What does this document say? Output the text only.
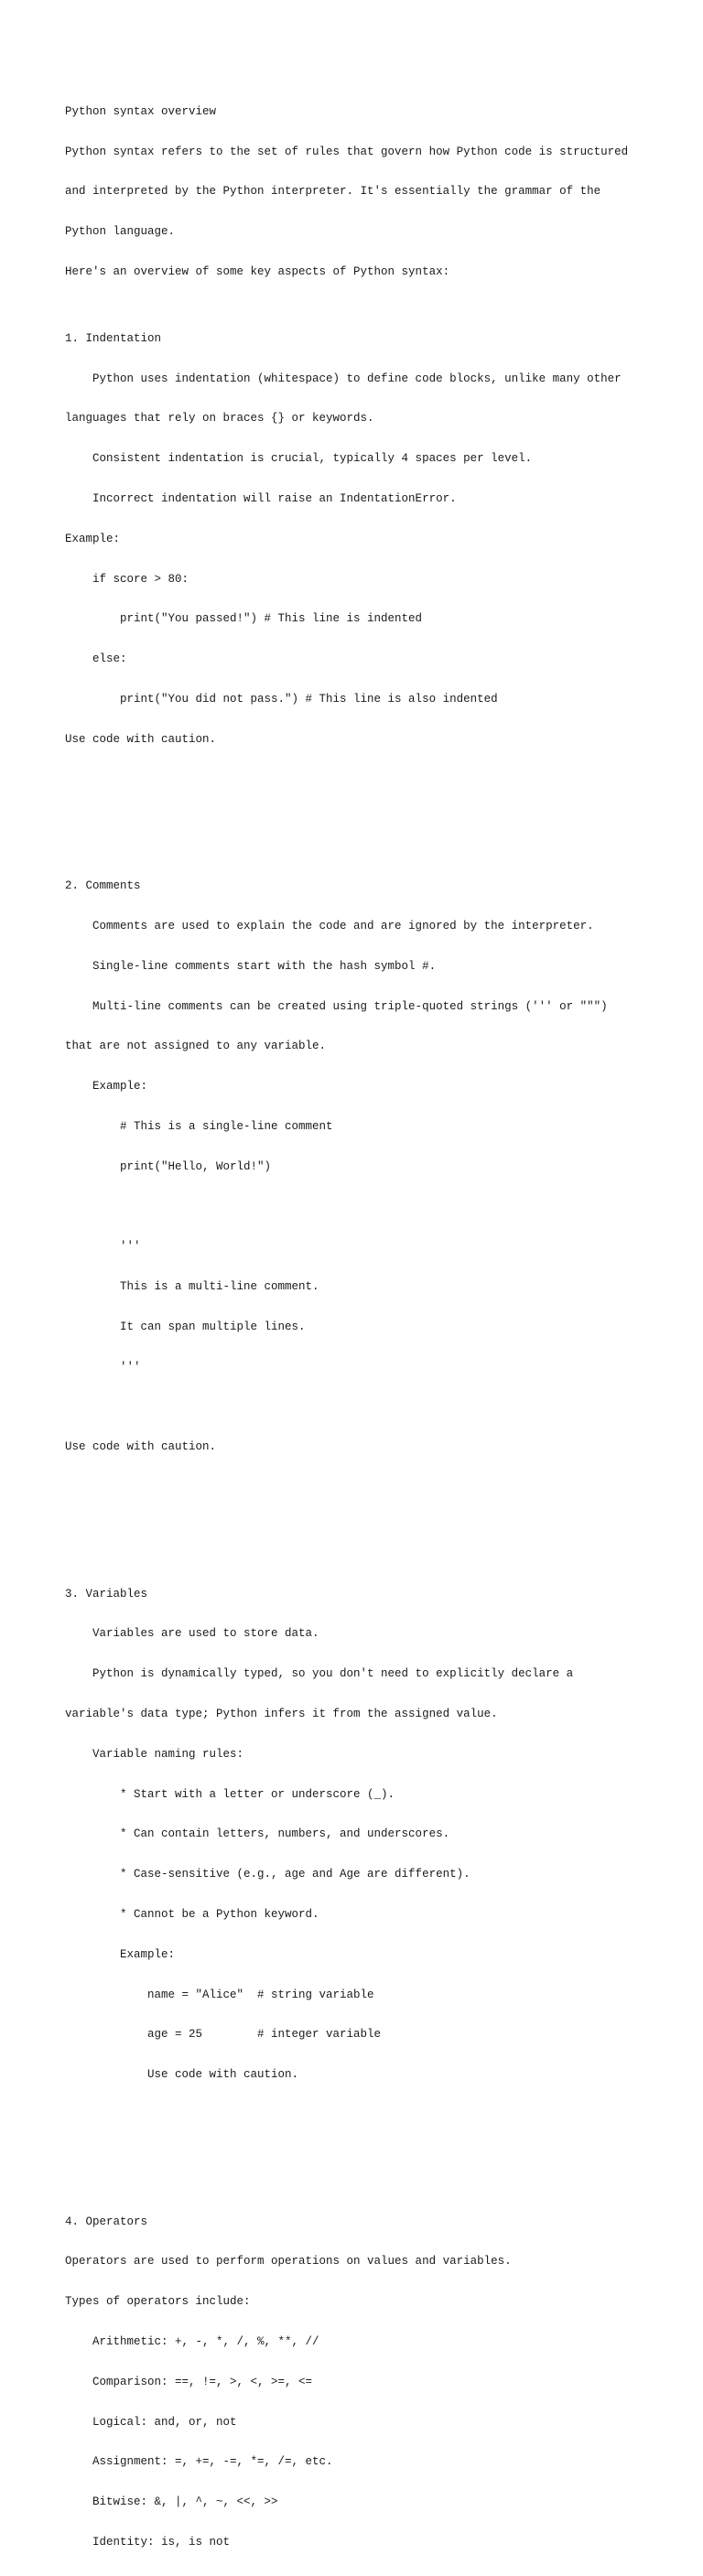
Python syntax overview

Python syntax refers to the set of rules that govern how Python code is structured

and interpreted by the Python interpreter. It's essentially the grammar of the

Python language.

Here's an overview of some key aspects of Python syntax:

1. Indentation

Python uses indentation (whitespace) to define code blocks, unlike many other

languages that rely on braces {} or keywords.

Consistent indentation is crucial, typically 4 spaces per level.

Incorrect indentation will raise an IndentationError.

Example:

if score > 80:

print("You passed!") # This line is indented

else:

print("You did not pass.") # This line is also indented

Use code with caution.

2. Comments

Comments are used to explain the code and are ignored by the interpreter.

Single-line comments start with the hash symbol #.

Multi-line comments can be created using triple-quoted strings (''' or """)

that are not assigned to any variable.

Example:

# This is a single-line comment

print("Hello, World!")

'''

This is a multi-line comment.

It can span multiple lines.

'''

Use code with caution.

3. Variables

Variables are used to store data.

Python is dynamically typed, so you don't need to explicitly declare a

variable's data type; Python infers it from the assigned value.

Variable naming rules:

* Start with a letter or underscore (_).

* Can contain letters, numbers, and underscores.

* Case-sensitive (e.g., age and Age are different).

* Cannot be a Python keyword.

Example:

name = "Alice"  # string variable

age = 25        # integer variable

Use code with caution.

4. Operators

Operators are used to perform operations on values and variables.

Types of operators include:

Arithmetic: +, -, *, /, %, **, //

Comparison: ==, !=, >, <, >=, <=

Logical: and, or, not

Assignment: =, +=, -=, *=, /=, etc.

Bitwise: &, |, ^, ~, <<, >>

Identity: is, is not
